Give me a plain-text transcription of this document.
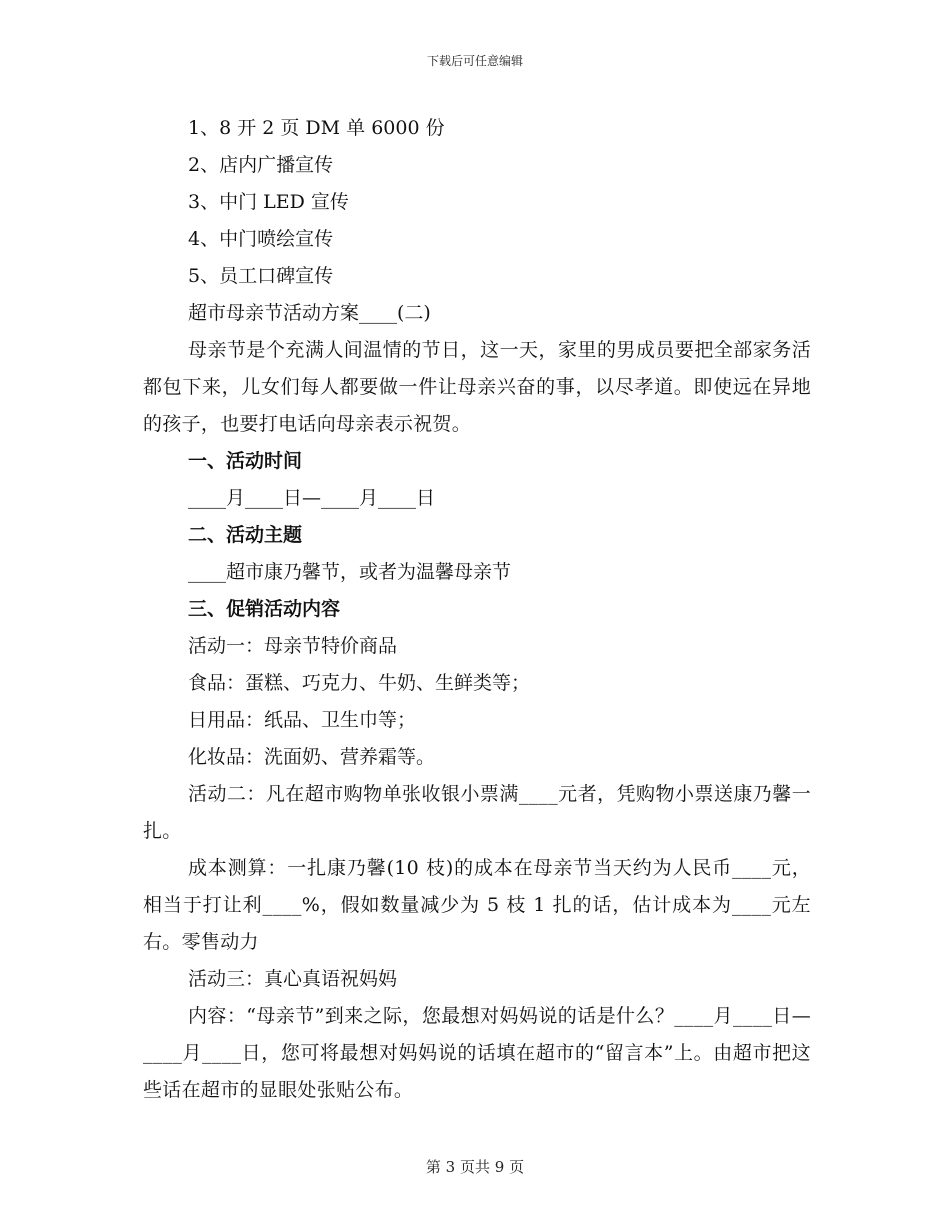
下载后可任意编辑
1、8 开 2 页 DM 单 6000 份
2、店内广播宣传
3、中门 LED 宣传
4、中门喷绘宣传
5、员工口碑宣传
超市母亲节活动方案____(二)
母亲节是个充满人间温情的节日，这一天，家里的男成员要把全部家务活都包下来，儿女们每人都要做一件让母亲兴奋的事，以尽孝道。即使远在异地的孩子，也要打电话向母亲表示祝贺。
一、活动时间
____月____日—____月____日
二、活动主题
____超市康乃馨节，或者为温馨母亲节
三、促销活动内容
活动一：母亲节特价商品
食品：蛋糕、巧克力、牛奶、生鲜类等；
日用品：纸品、卫生巾等；
化妆品：洗面奶、营养霜等。
活动二：凡在超市购物单张收银小票满____元者，凭购物小票送康乃馨一扎。
成本测算：一扎康乃馨(10 枝)的成本在母亲节当天约为人民币____元，相当于打让利____%，假如数量减少为 5 枝 1 扎的话，估计成本为____元左右。零售动力
活动三：真心真语祝妈妈
内容：“母亲节”到来之际，您最想对妈妈说的话是什么？____月____日—____月____日，您可将最想对妈妈说的话填在超市的“留言本”上。由超市把这些话在超市的显眼处张贴公布。
第 3 页共 9 页
